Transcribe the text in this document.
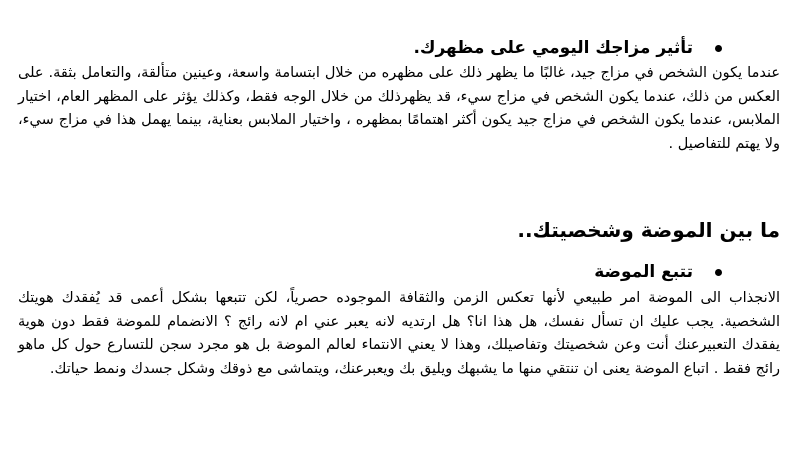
تأثير مزاجك اليومي على مظهرك.

عندما يكون الشخص في مزاج جيد، غالبًا ما يظهر ذلك على مظهره من خلال ابتسامة واسعة، وعينين متألقة، والتعامل بثقة. على العكس من ذلك، عندما يكون الشخص في مزاج سيء، قد يظهرذلك من خلال الوجه فقط، وكذلك يؤثر على المظهر العام، اختيار الملابس، عندما يكون الشخص في مزاج جيد يكون أكثر اهتمامًا بمظهره ، واختيار الملابس بعناية، بينما يهمل هذا في مزاج سيء، ولا يهتم للتفاصيل .

ما بين الموضة وشخصيتك..
تتبع الموضة

الانجذاب الى الموضة امر طبيعي لأنها تعكس الزمن والثقافة الموجوده حصرياً، لكن تتبعها بشكل أعمى قد يُفقدك هويتك الشخصية. يجب عليك ان تسأل نفسك، هل هذا انا؟ هل ارتديه لانه يعبر عني ام لانه رائج ؟ الانضمام للموضة فقط دون هوية يفقدك التعبيرعنك أنت وعن شخصيتك وتفاصيلك، وهذا لا يعني الانتماء لعالم الموضة بل هو مجرد سجن للتسارع حول كل ماهو رائج فقط . اتباع الموضة يعنى ان تنتقي منها ما يشبهك ويليق بك ويعبرعنك، ويتماشى مع ذوقك وشكل جسدك ونمط حياتك.
